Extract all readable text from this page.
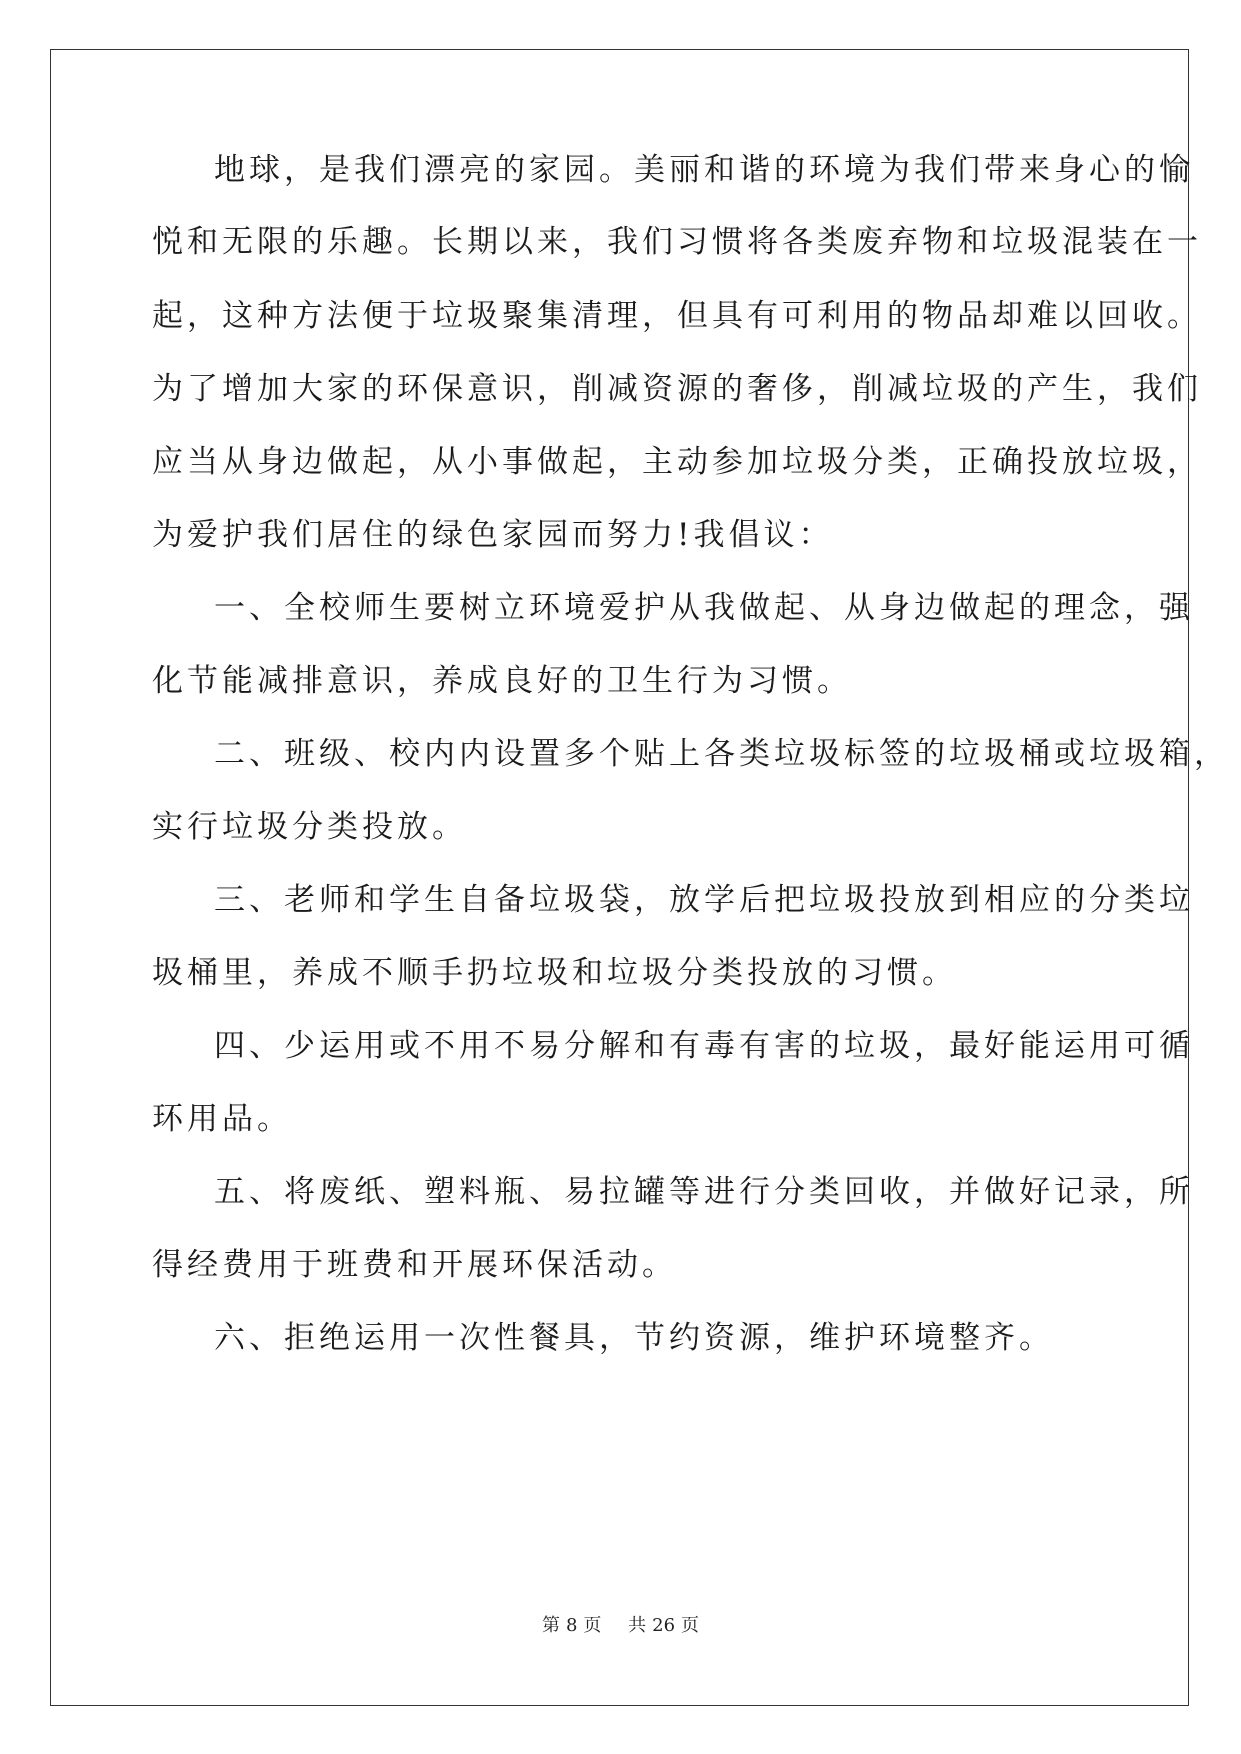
地球，是我们漂亮的家园。美丽和谐的环境为我们带来身心的愉
悦和无限的乐趣。长期以来，我们习惯将各类废弃物和垃圾混装在一
起，这种方法便于垃圾聚集清理，但具有可利用的物品却难以回收。
为了增加大家的环保意识，削减资源的奢侈，削减垃圾的产生，我们
应当从身边做起，从小事做起，主动参加垃圾分类，正确投放垃圾，
为爱护我们居住的绿色家园而努力!我倡议：
一、全校师生要树立环境爱护从我做起、从身边做起的理念，强
化节能减排意识，养成良好的卫生行为习惯。
二、班级、校内内设置多个贴上各类垃圾标签的垃圾桶或垃圾箱，
实行垃圾分类投放。
三、老师和学生自备垃圾袋，放学后把垃圾投放到相应的分类垃
圾桶里，养成不顺手扔垃圾和垃圾分类投放的习惯。
四、少运用或不用不易分解和有毒有害的垃圾，最好能运用可循
环用品。
五、将废纸、塑料瓶、易拉罐等进行分类回收，并做好记录，所
得经费用于班费和开展环保活动。
六、拒绝运用一次性餐具，节约资源，维护环境整齐。
第 8 页 共 26 页
